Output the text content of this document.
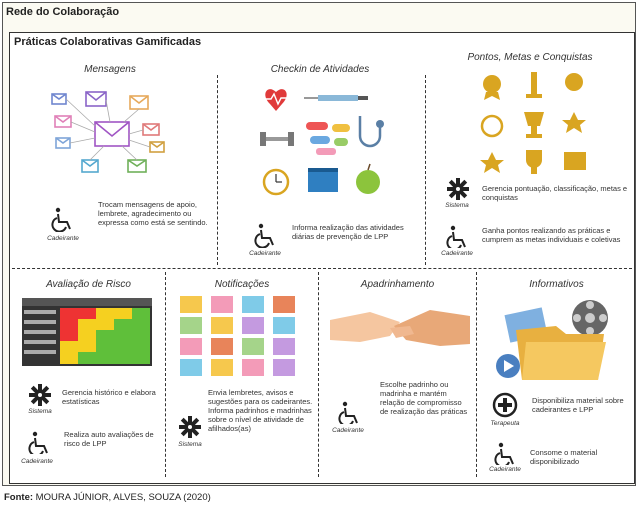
Rede do Colaboração
Práticas Colaborativas Gamificadas
Mensagens
Cadeirante
Trocam mensagens de apoio, lembrete, agradecimento ou expressa como está se sentindo.
Checkin de Atividades
Cadeirante
Informa realização das atividades diárias de prevenção de LPP
Pontos, Metas e Conquistas
Sistema
Gerencia pontuação, classificação, metas e conquistas
Cadeirante
Ganha pontos realizando as práticas e cumprem as metas individuais e coletivas
Avaliação de Risco
Sistema
Gerencia histórico e elabora estatísticas
Cadeirante
Realiza auto avaliações de risco de LPP
Notificações
Sistema
Envia lembretes, avisos e sugestões para os cadeirantes. Informa padrinhos e madrinhas sobre o nível de atividade de afilhados(as)
Apadrinhamento
Cadeirante
Escolhe padrinho ou madrinha e mantém relação de compromisso de realização das práticas
Informativos
Terapeuta
Disponibiliza material sobre cadeirantes e LPP
Cadeirante
Consome o material disponibilizado
Fonte: MOURA JÚNIOR, ALVES, SOUZA (2020)
